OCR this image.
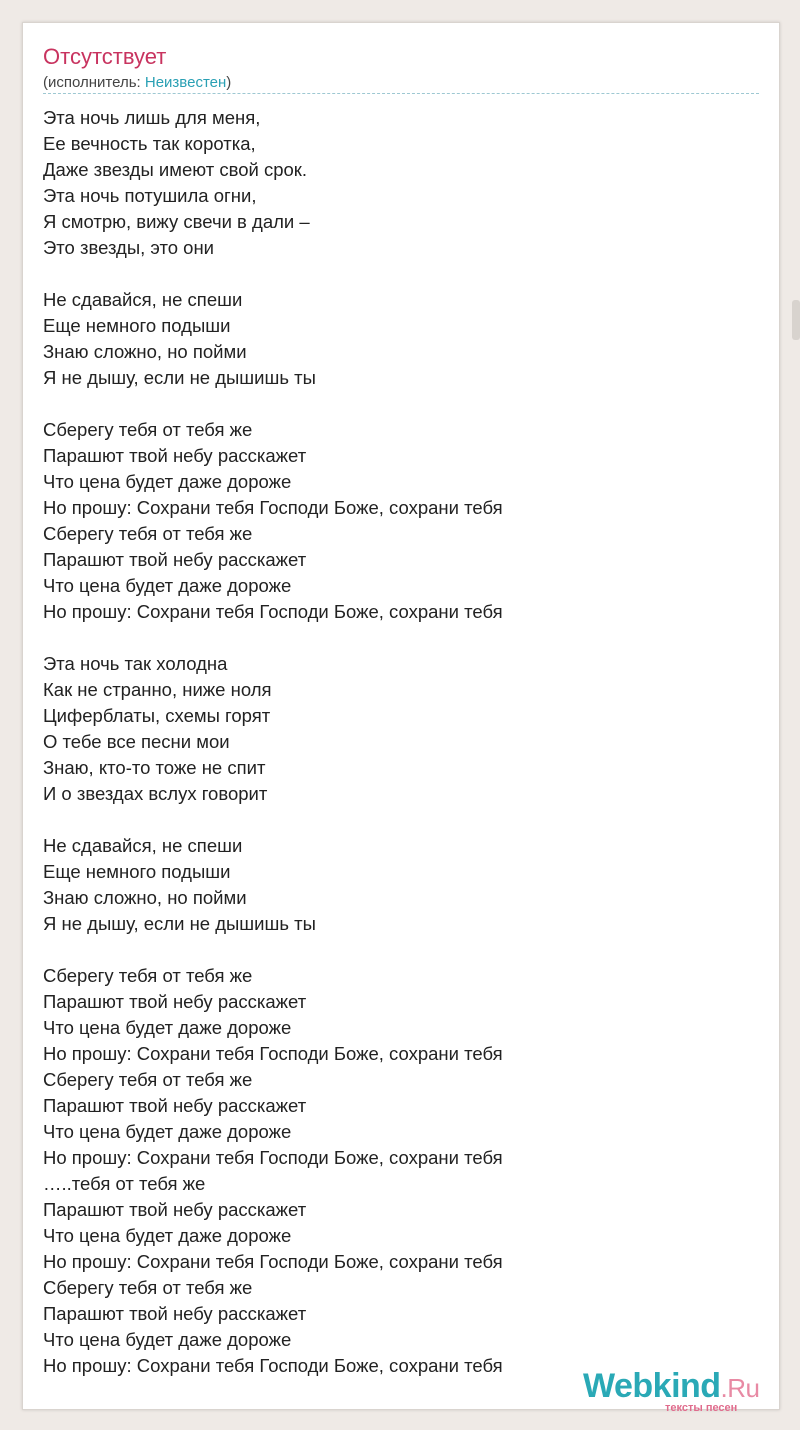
Отсутствует
(исполнитель: Неизвестен)
Эта ночь лишь для меня,
Ее вечность так коротка,
Даже звезды имеют свой срок.
Эта ночь потушила огни,
Я смотрю, вижу свечи в дали –
Это звезды, это они
Не сдавайся, не спеши
Еще немного подыши
Знаю сложно, но пойми
Я не дышу, если не дышишь ты
Сберегу тебя от тебя же
Парашют твой небу расскажет
Что цена будет даже дороже
Но прошу: Сохрани тебя Господи Боже, сохрани тебя
Сберегу тебя от тебя же
Парашют твой небу расскажет
Что цена будет даже дороже
Но прошу: Сохрани тебя Господи Боже, сохрани тебя
Эта ночь так холодна
Как не странно, ниже ноля
Циферблаты, схемы горят
О тебе все песни мои
Знаю, кто-то тоже не спит
И о звездах вслух говорит
Не сдавайся, не спеши
Еще немного подыши
Знаю сложно, но пойми
Я не дышу, если не дышишь ты
Сберегу тебя от тебя же
Парашют твой небу расскажет
Что цена будет даже дороже
Но прошу: Сохрани тебя Господи Боже, сохрани тебя
Сберегу тебя от тебя же
Парашют твой небу расскажет
Что цена будет даже дороже
Но прошу: Сохрани тебя Господи Боже, сохрани тебя
…..тебя от тебя же
Парашют твой небу расскажет
Что цена будет даже дороже
Но прошу: Сохрани тебя Господи Боже, сохрани тебя
Сберегу тебя от тебя же
Парашют твой небу расскажет
Что цена будет даже дороже
Но прошу: Сохрани тебя Господи Боже, сохрани тебя
Webkind.Ru
тексты песен
